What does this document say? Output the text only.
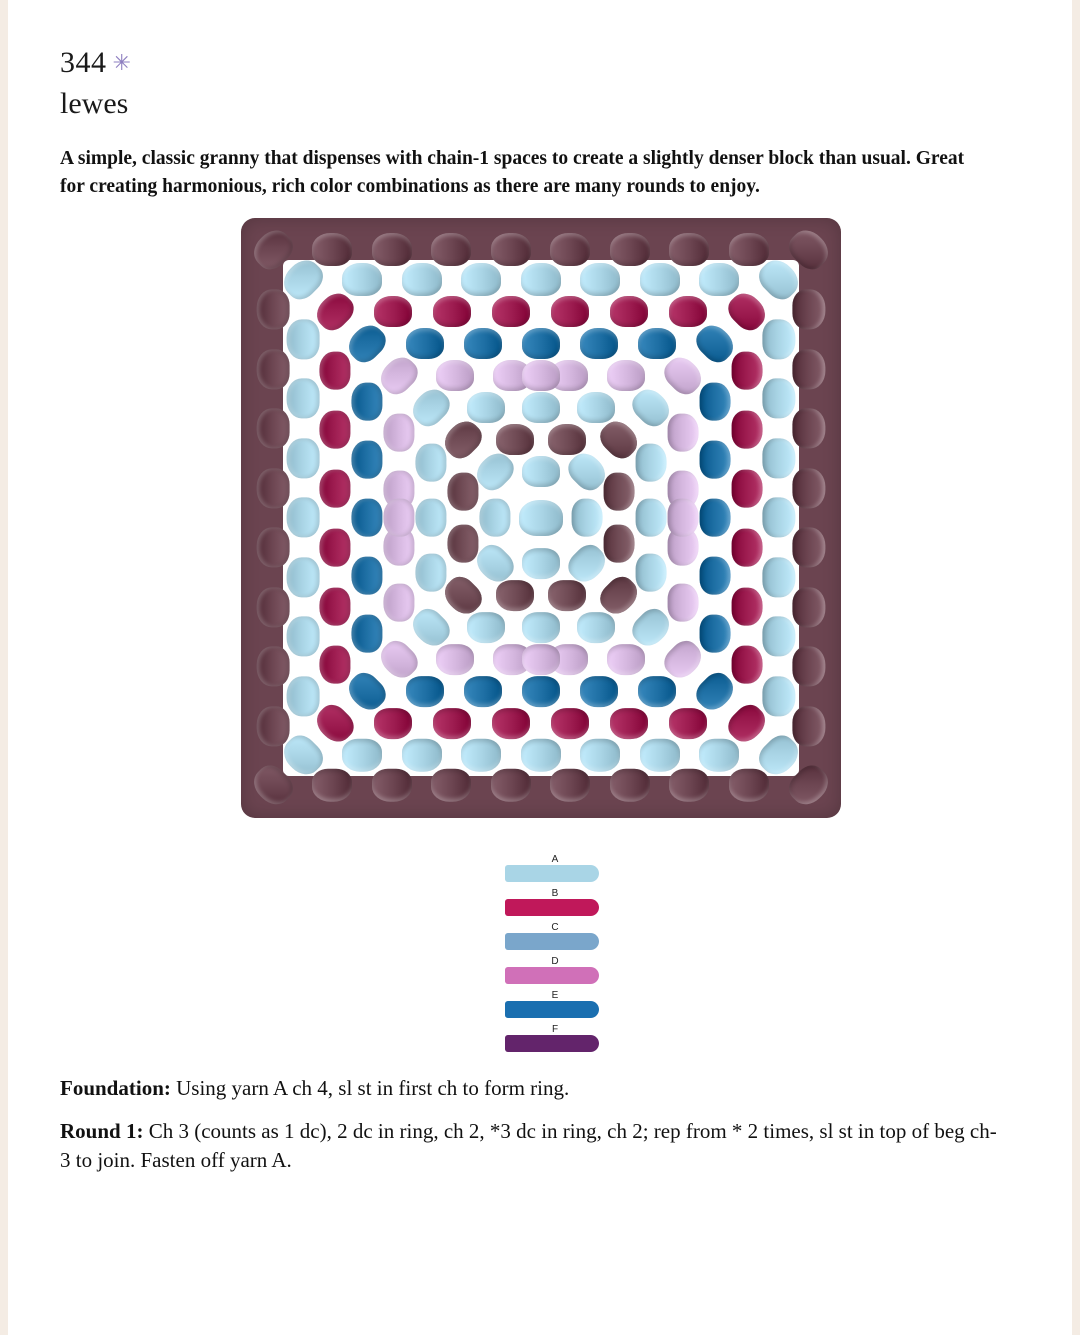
344 ✳
lewes
A simple, classic granny that dispenses with chain-1 spaces to create a slightly denser block than usual. Great for creating harmonious, rich color combinations as there are many rounds to enjoy.
A
B
C
D
E
F
Foundation: Using yarn A ch 4, sl st in first ch to form ring.
Round 1: Ch 3 (counts as 1 dc), 2 dc in ring, ch 2, *3 dc in ring, ch 2; rep from * 2 times, sl st in top of beg ch-3 to join. Fasten off yarn A.
